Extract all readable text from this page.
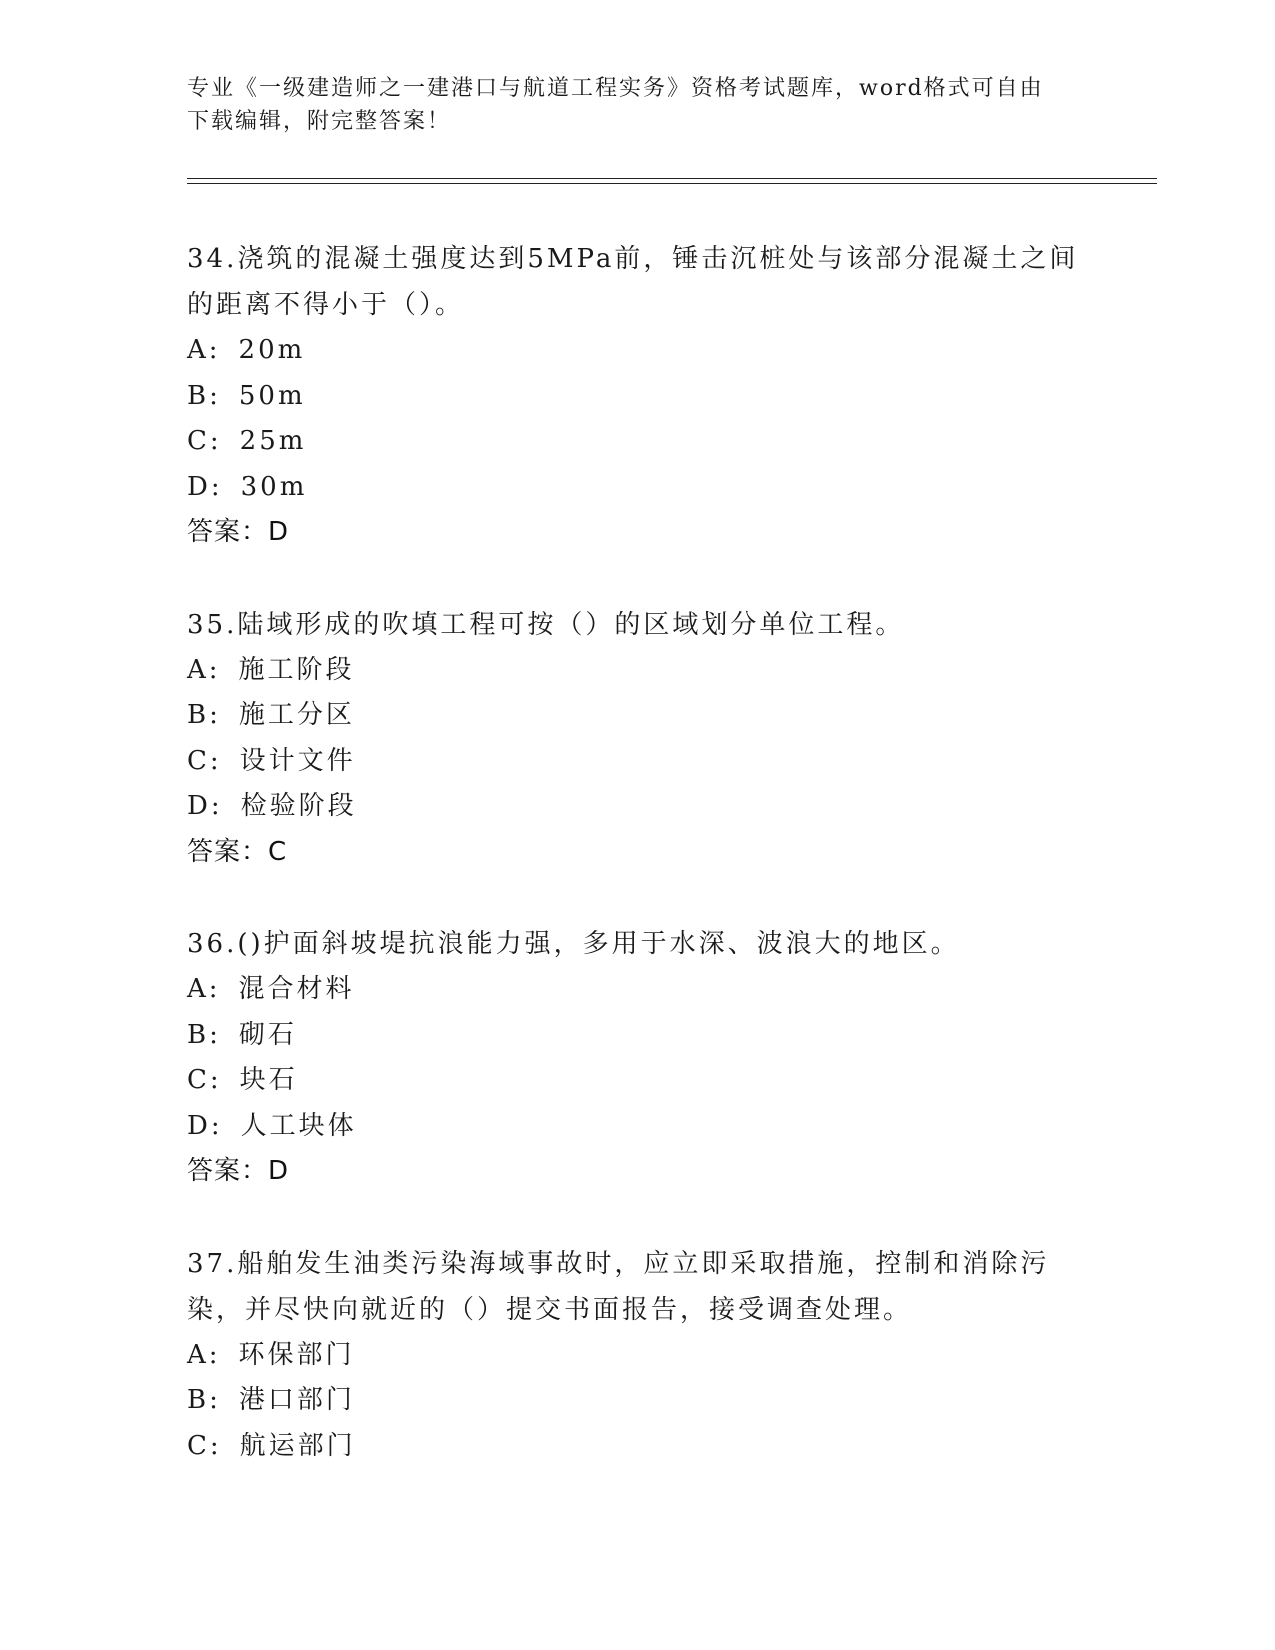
专业《一级建造师之一建港口与航道工程实务》资格考试题库，word格式可自由下载编辑，附完整答案！

34.浇筑的混凝土强度达到5MPa前，锤击沉桩处与该部分混凝土之间的距离不得小于（）。

A: 20m

B: 50m

C: 25m

D: 30m

答案：D

35.陆域形成的吹填工程可按（）的区域划分单位工程。

A: 施工阶段

B: 施工分区

C: 设计文件

D: 检验阶段

答案：C

36.()护面斜坡堤抗浪能力强，多用于水深、波浪大的地区。

A: 混合材料

B: 砌石

C: 块石

D: 人工块体

答案：D

37.船舶发生油类污染海域事故时，应立即采取措施，控制和消除污染，并尽快向就近的（）提交书面报告，接受调查处理。

A: 环保部门

B: 港口部门

C: 航运部门
